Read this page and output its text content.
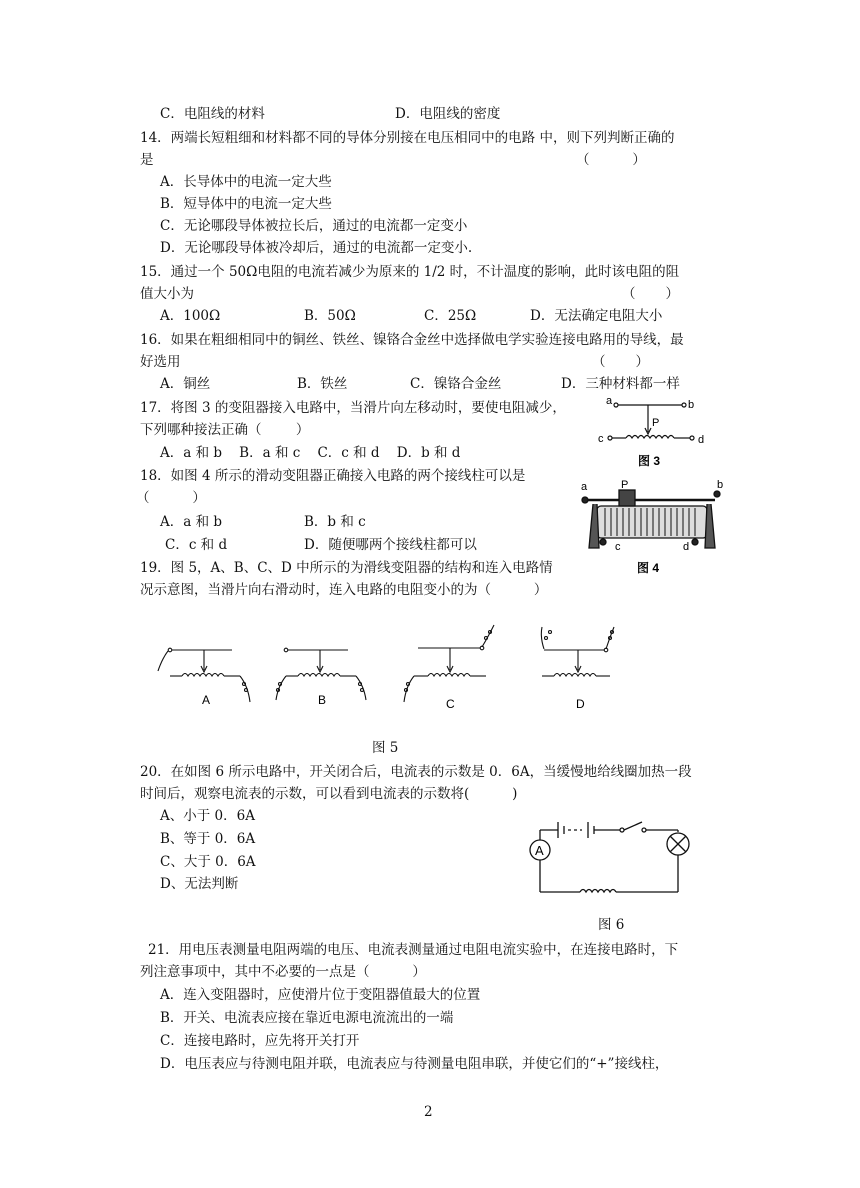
C．电阻线的材料	D．电阻线的密度
14．两端长短粗细和材料都不同的导体分别接在电压相同中的电路 中，则下列判断正确的
是	（          ）
A．长导体中的电流一定大些
B．短导体中的电流一定大些
C．无论哪段导体被拉长后，通过的电流都一定变小
D．无论哪段导体被冷却后，通过的电流都一定变小.
15．通过一个 50Ω电阻的电流若减少为原来的 1/2 时，不计温度的影响，此时该电阻的阻
值大小为	（       ）
A．100Ω	B．50Ω	C．25Ω	D．无法确定电阻大小
16．如果在粗细相同中的铜丝、铁丝、镍铬合金丝中选择做电学实验连接电路用的导线，最
好选用	（       ）
A．铜丝	B．铁丝	C．镍铬合金丝	D．三种材料都一样
17．将图 3 的变阻器接入电路中，当滑片向左移动时，要使电阻减少，
下列哪种接法正确（        ）
A．a 和 b    B．a 和 c    C．c 和 d    D．b 和 d
18．如图 4 所示的滑动变阻器正确接入电路的两个接线柱可以是
（          ）
A．a 和 b	B．b 和 c
C．c 和 d	D．随便哪两个接线柱都可以
19．图 5，A、B、C、D 中所示的为滑线变阻器的结构和连入电路情
况示意图，当滑片向右滑动时，连入电路的电阻变小的为（          ）
图 5
20．在如图 6 所示电路中，开关闭合后，电流表的示数是 0．6A，当缓慢地给线圈加热一段
时间后，观察电流表的示数，可以看到电流表的示数将(          )
A、小于 0．6A
B、等于 0．6A
C、大于 0．6A
D、无法判断
图 6
21．用电压表测量电阻两端的电压、电流表测量通过电阻电流实验中，在连接电路时，下
列注意事项中，其中不必要的一点是（          ）
A．连入变阻器时，应使滑片位于变阻器值最大的位置
B．开关、电流表应接在靠近电源电流流出的一端
C．连接电路时，应先将开关打开
D．电压表应与待测电阻并联，电流表应与待测量电阻串联，并使它们的“+”接线柱，
2
a	b
c	d
P
图 3
a	b
c	d
P
图 4
A	B	C	D
A
